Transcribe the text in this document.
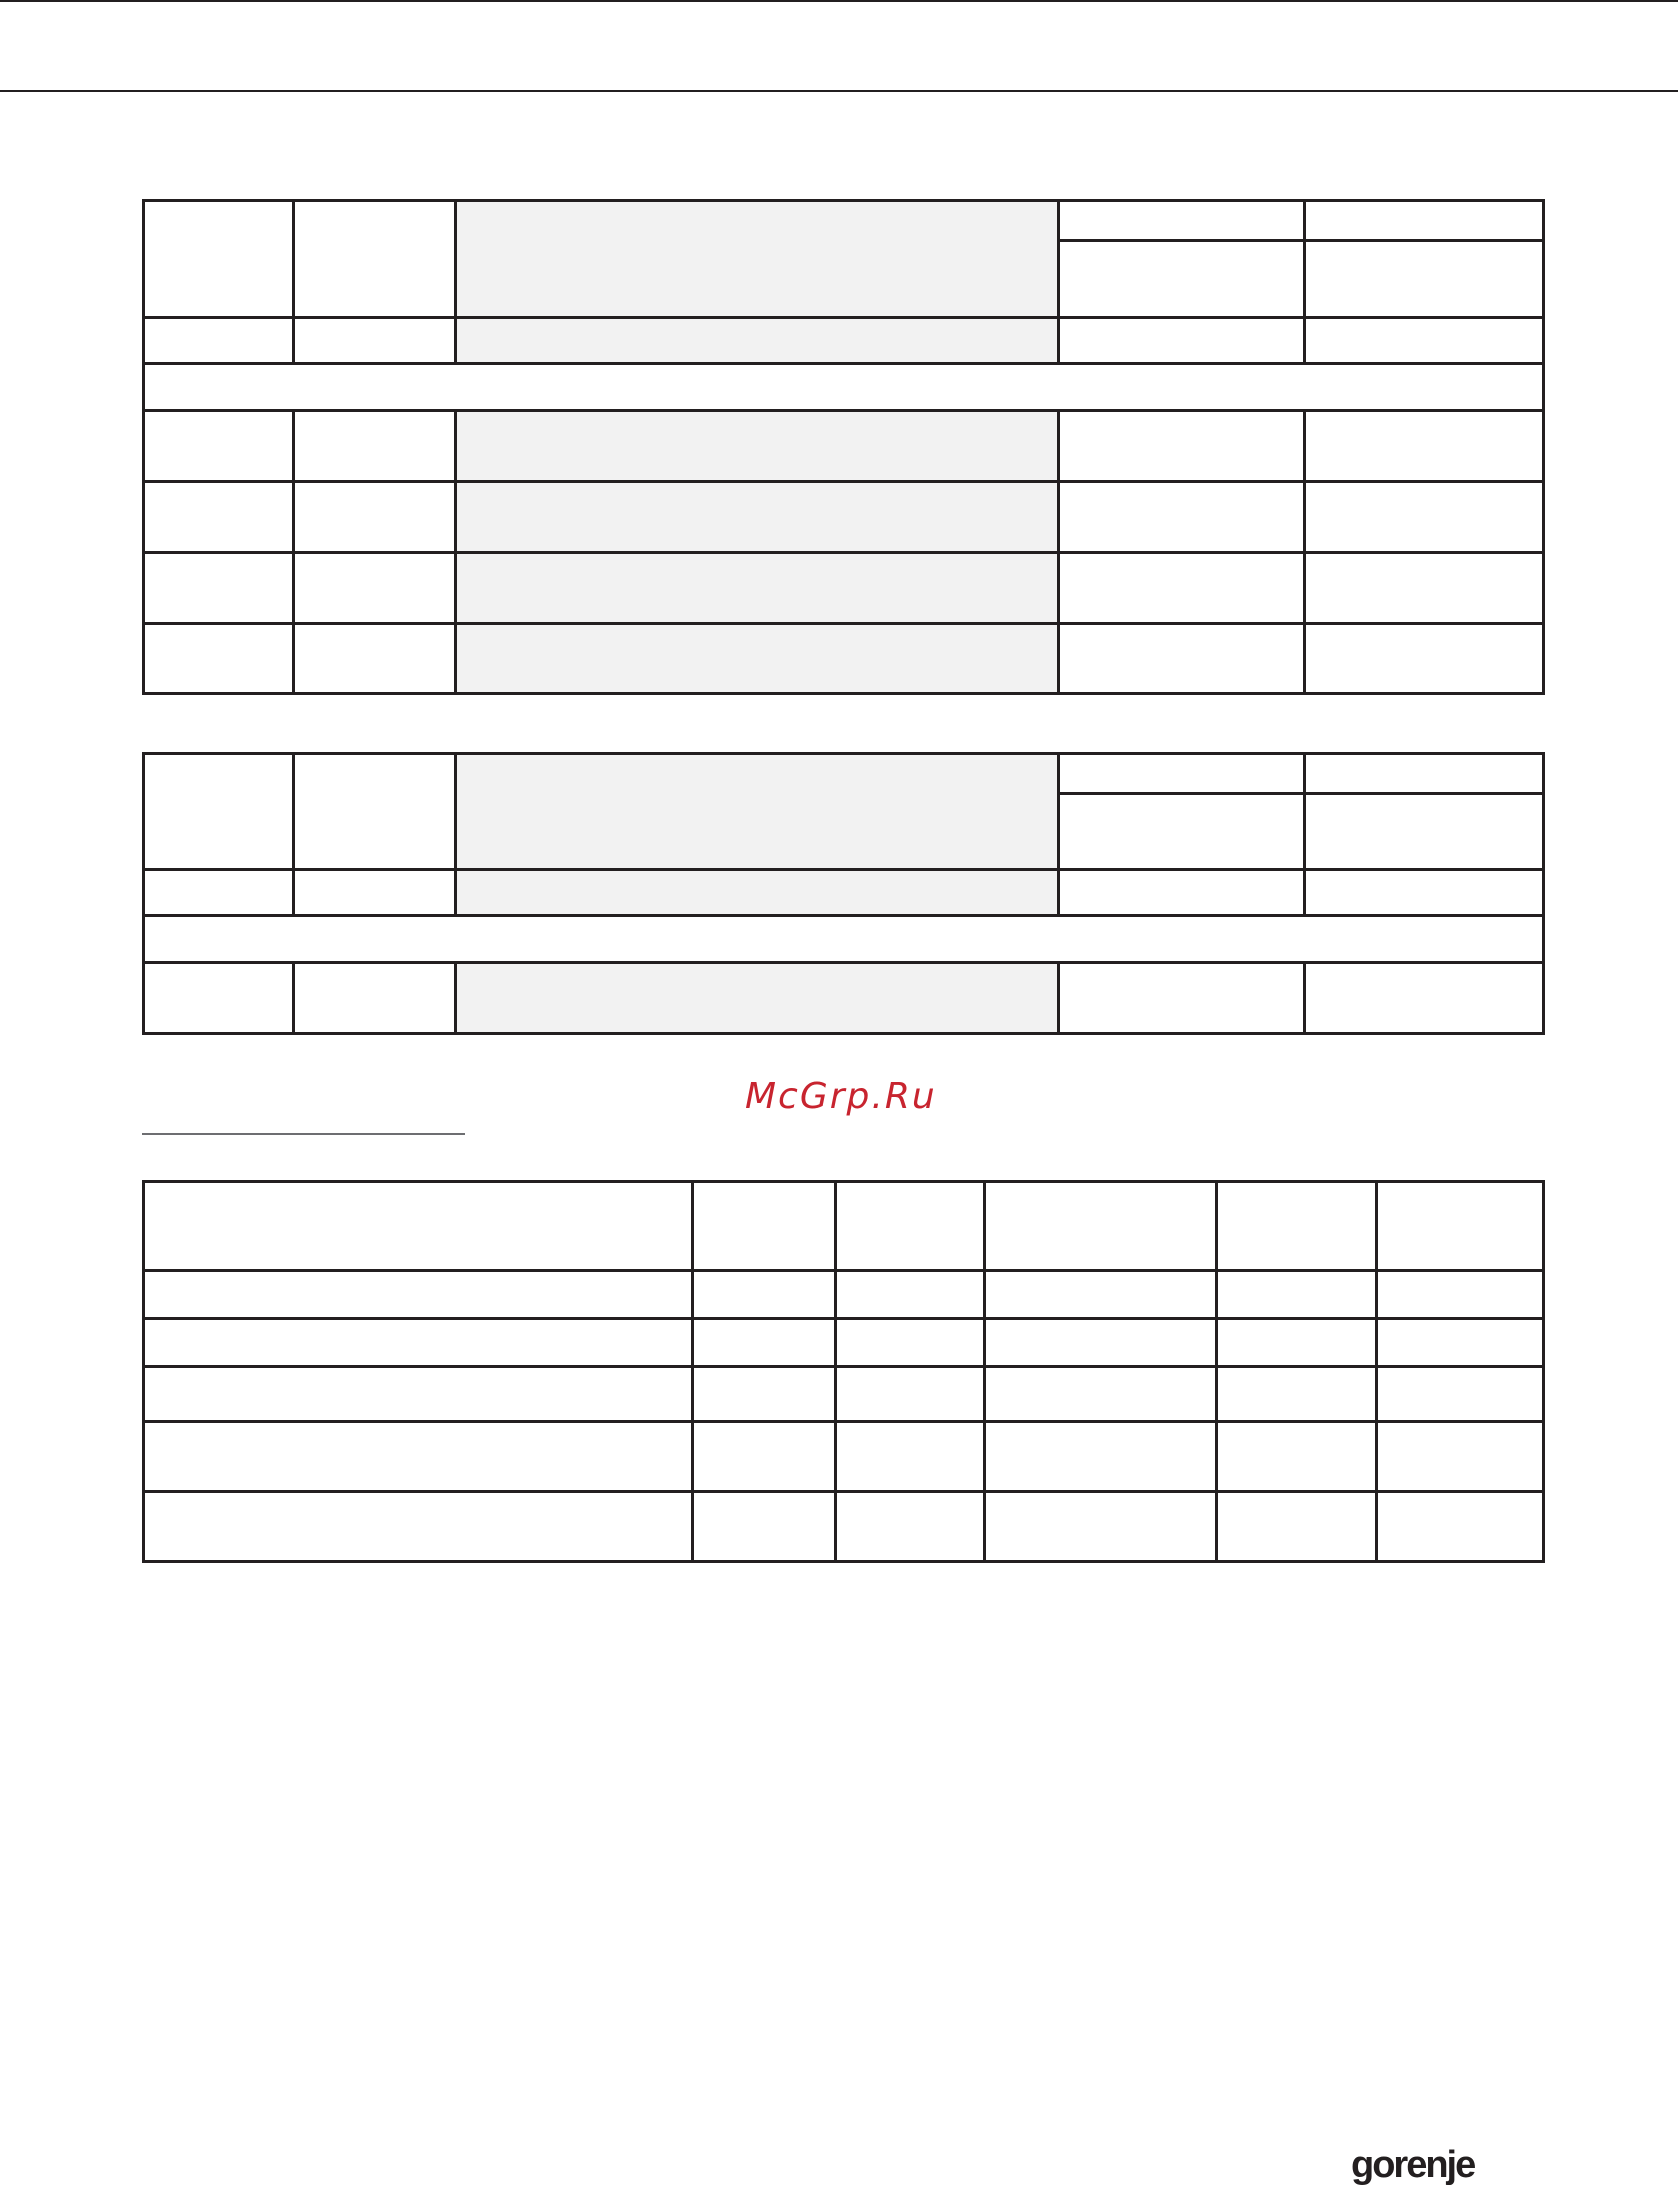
McGrp.Ru

gorenje
